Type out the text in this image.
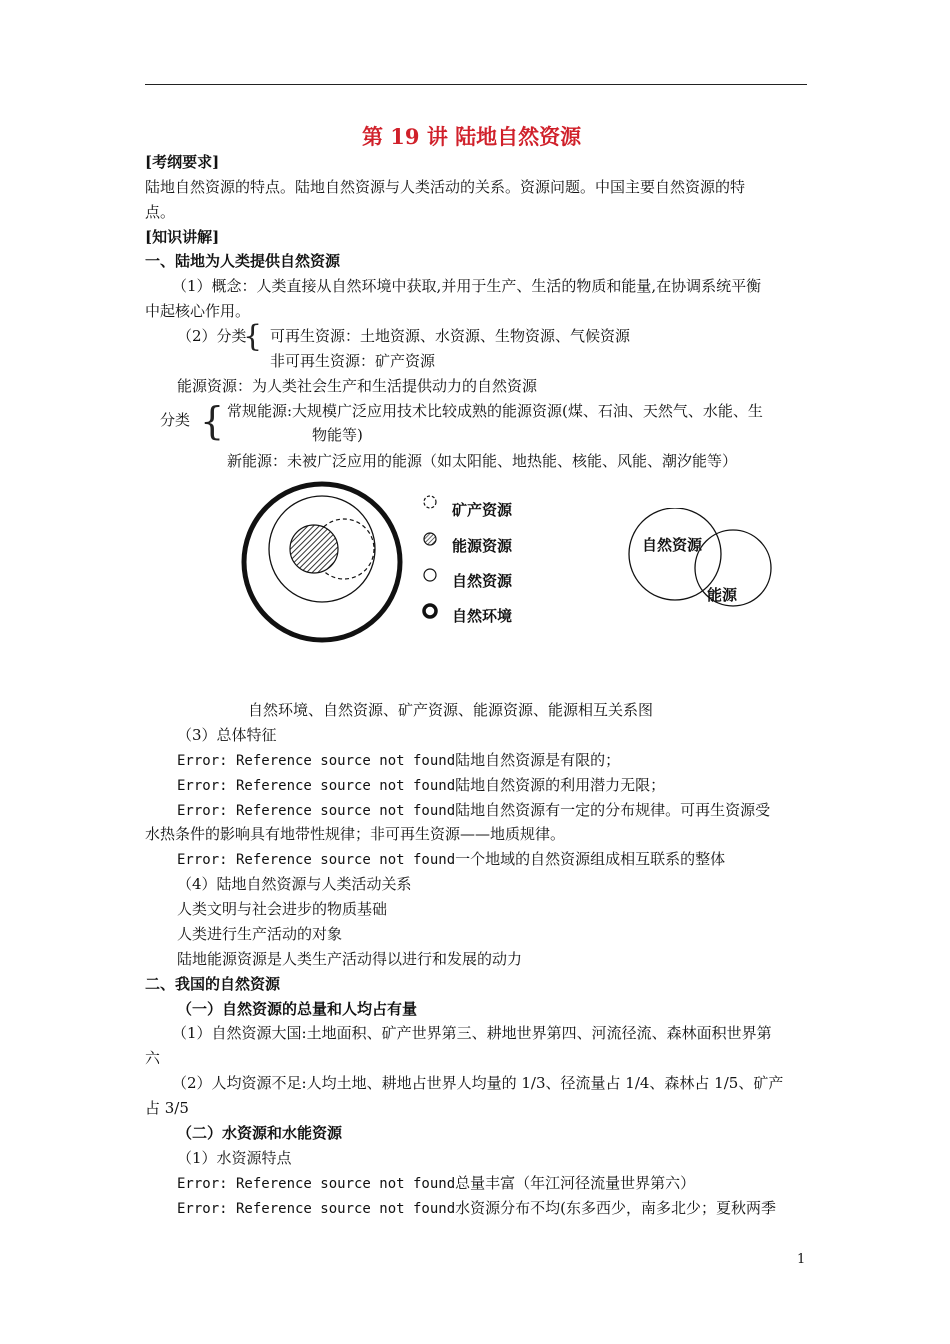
第 19 讲 陆地自然资源
[考纲要求]
陆地自然资源的特点。陆地自然资源与人类活动的关系。资源问题。中国主要自然资源的特
点。
[知识讲解]
一、陆地为人类提供自然资源
（1）概念：人类直接从自然环境中获取,并用于生产、生活的物质和能量,在协调系统平衡
中起核心作用。
（2）分类
{ 可再生资源：土地资源、水资源、生物资源、气候资源
非可再生资源：矿产资源
能源资源：为人类社会生产和生活提供动力的自然资源
分类 { 常规能源:大规模广泛应用技术比较成熟的能源资源(煤、石油、天然气、水能、生
物能等)
新能源：未被广泛应用的能源（如太阳能、地热能、核能、风能、潮汐能等）
矿产资源
能源资源
自然资源
自然环境
自然资源
能源
自然环境、自然资源、矿产资源、能源资源、能源相互关系图
（3）总体特征
Error: Reference source not found陆地自然资源是有限的；
Error: Reference source not found陆地自然资源的利用潜力无限；
Error: Reference source not found陆地自然资源有一定的分布规律。可再生资源受
水热条件的影响具有地带性规律；非可再生资源——地质规律。
Error: Reference source not found一个地域的自然资源组成相互联系的整体
（4）陆地自然资源与人类活动关系
人类文明与社会进步的物质基础
人类进行生产活动的对象
陆地能源资源是人类生产活动得以进行和发展的动力
二、我国的自然资源
（一）自然资源的总量和人均占有量
（1）自然资源大国:土地面积、矿产世界第三、耕地世界第四、河流径流、森林面积世界第
六
（2）人均资源不足:人均土地、耕地占世界人均量的 1/3、径流量占 1/4、森林占 1/5、矿产
占 3/5
（二）水资源和水能资源
（1）水资源特点
Error: Reference source not found总量丰富（年江河径流量世界第六）
Error: Reference source not found水资源分布不均(东多西少，南多北少；夏秋两季
1
